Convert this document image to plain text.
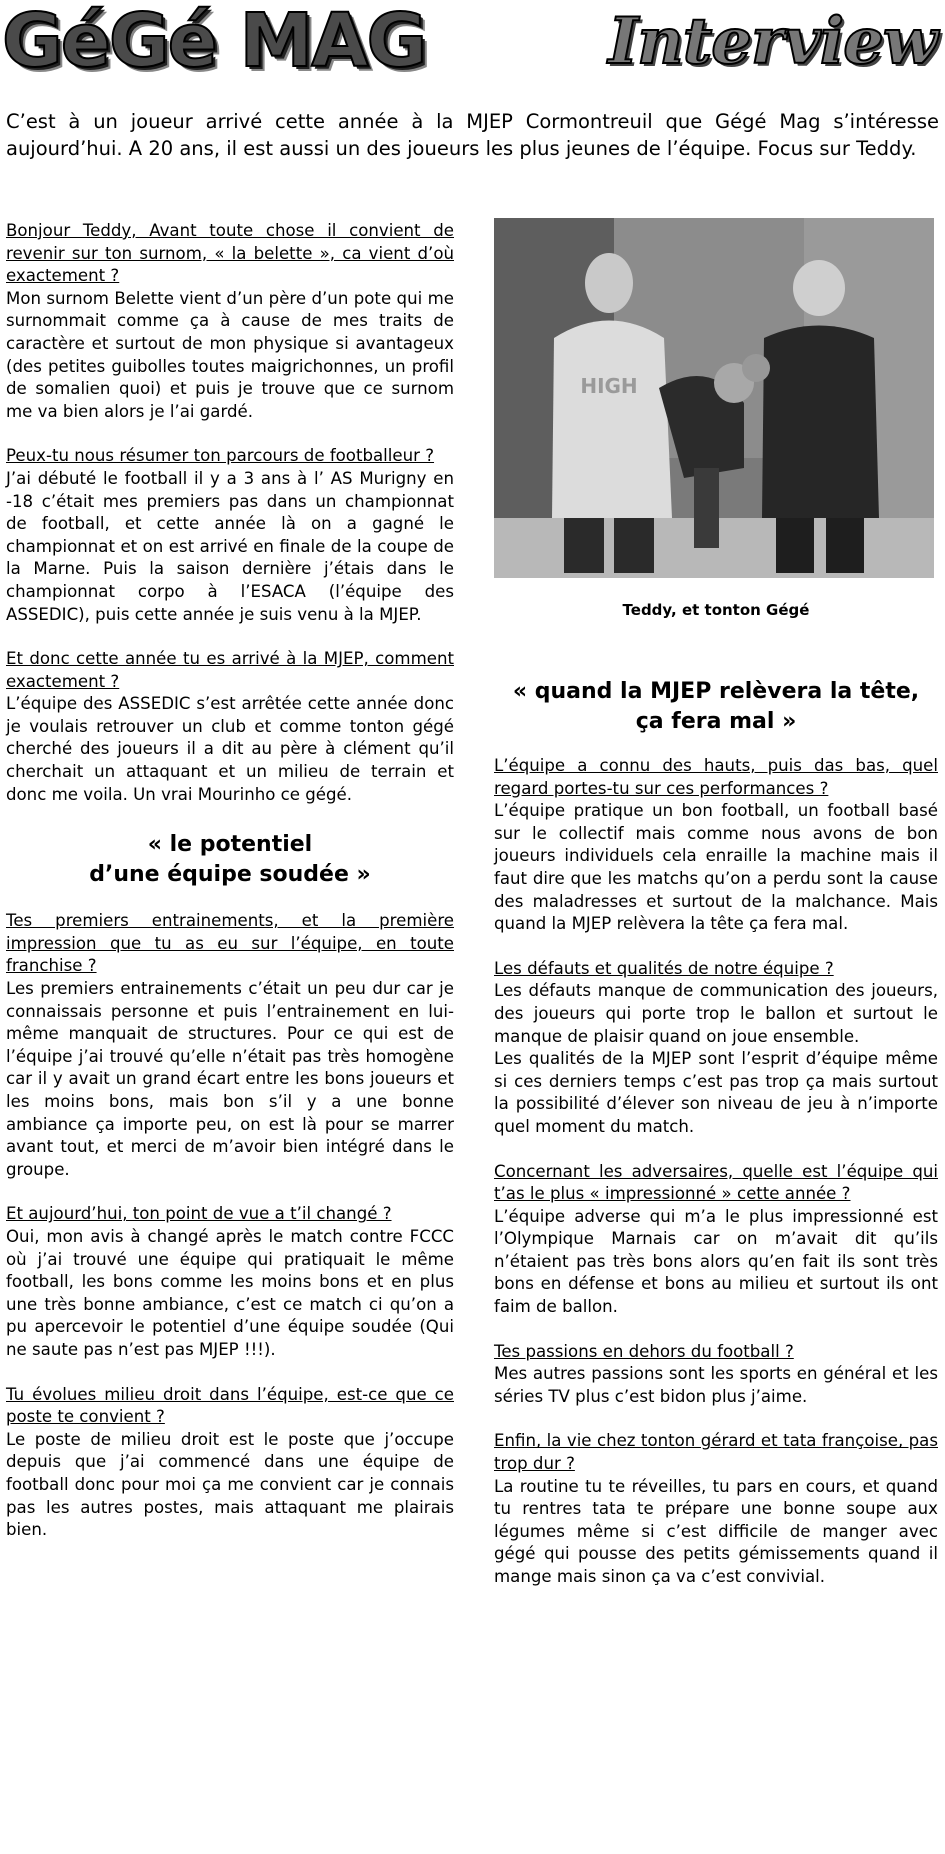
GéGé MAG	Interview

C’est à un joueur arrivé cette année à la MJEP Cormontreuil que Gégé Mag s’intéresse aujourd’hui. A 20 ans, il est aussi un des joueurs les plus jeunes de l’équipe. Focus sur Teddy.

Bonjour Teddy, Avant toute chose il convient de revenir sur ton surnom, « la belette », ca vient d’où exactement ?

Mon surnom Belette vient d’un père d’un pote qui me surnommait comme ça à cause de mes traits de caractère et surtout de mon physique si avantageux (des petites guibolles toutes maigrichonnes, un profil de somalien quoi) et puis je trouve que ce surnom me va bien alors je l’ai gardé.

Peux-tu nous résumer ton parcours de footballeur ?

J’ai débuté le football il y a 3 ans à l’ AS Murigny en -18 c’était mes premiers pas dans un championnat de football, et cette année là on a gagné le championnat et on est arrivé en finale de la coupe de la Marne. Puis la saison dernière j’étais dans le championnat corpo à l’ESACA (l’équipe des ASSEDIC), puis cette année je suis venu à la MJEP.

Et donc cette année tu es arrivé à la MJEP, comment exactement ?

L’équipe des ASSEDIC s’est arrêtée cette année donc je voulais retrouver un club et comme tonton gégé cherché des joueurs il a dit au père à clément qu’il cherchait un attaquant et un milieu de terrain et donc me voila. Un vrai Mourinho ce gégé.

« le potentiel

d’une équipe soudée »

Tes premiers entrainements, et la première impression que tu as eu sur l’équipe, en toute franchise ?

Les premiers entrainements c’était un peu dur car je connaissais personne et puis l’entrainement en lui-même manquait de structures. Pour ce qui est de l’équipe j’ai trouvé qu’elle n’était pas très homogène car il y avait un grand écart entre les bons joueurs et les moins bons, mais bon s’il y a une bonne ambiance ça importe peu, on est là pour se marrer avant tout, et merci de m’avoir bien intégré dans le groupe.

Et aujourd’hui, ton point de vue a t’il changé ?

Oui, mon avis à changé après le match contre FCCC où j’ai trouvé une équipe qui pratiquait le même football, les bons comme les moins bons et en plus une très bonne ambiance, c’est ce match ci qu’on a pu apercevoir le potentiel d’une équipe soudée (Qui ne saute pas n’est pas MJEP !!!).

Tu évolues milieu droit dans l’équipe, est-ce que ce poste te convient ?

Le poste de milieu droit est le poste que j’occupe depuis que j’ai commencé dans une équipe de football donc pour moi ça me convient car je connais pas les autres postes, mais attaquant me plairais bien.

HIGH

Teddy, et tonton Gégé

« quand la MJEP relèvera la tête,

ça fera mal »

L’équipe a connu des hauts, puis das bas, quel regard portes-tu sur ces performances ?

L’équipe pratique un bon football, un football basé sur le collectif mais comme nous avons de bon joueurs individuels cela enraille la machine mais il faut dire que les matchs qu’on a perdu sont la cause des maladresses et surtout de la malchance. Mais quand la MJEP relèvera la tête ça fera mal.

Les défauts et qualités de notre équipe ?

Les défauts manque de communication des joueurs, des joueurs qui porte trop le ballon et surtout le manque de plaisir quand on joue ensemble.

Les qualités de la MJEP sont l’esprit d’équipe même si ces derniers temps c’est pas trop ça mais surtout la possibilité d’élever son niveau de jeu à n’importe quel moment du match.

Concernant les adversaires, quelle est l’équipe qui t’as le plus « impressionné » cette année ?

L’équipe adverse qui m’a le plus impressionné est l’Olympique Marnais car on m’avait dit qu’ils n’étaient pas très bons alors qu’en fait ils sont très bons en défense et bons au milieu et surtout ils ont faim de ballon.

Tes passions en dehors du football ?

Mes autres passions sont les sports en général et les séries TV plus c’est bidon plus j’aime.

Enfin, la vie chez tonton gérard et tata françoise, pas trop dur ?

La routine tu te réveilles, tu pars en cours, et quand tu rentres tata te prépare une bonne soupe aux légumes même si c’est difficile de manger avec gégé qui pousse des petits gémissements quand il mange mais sinon ça va c’est convivial.
